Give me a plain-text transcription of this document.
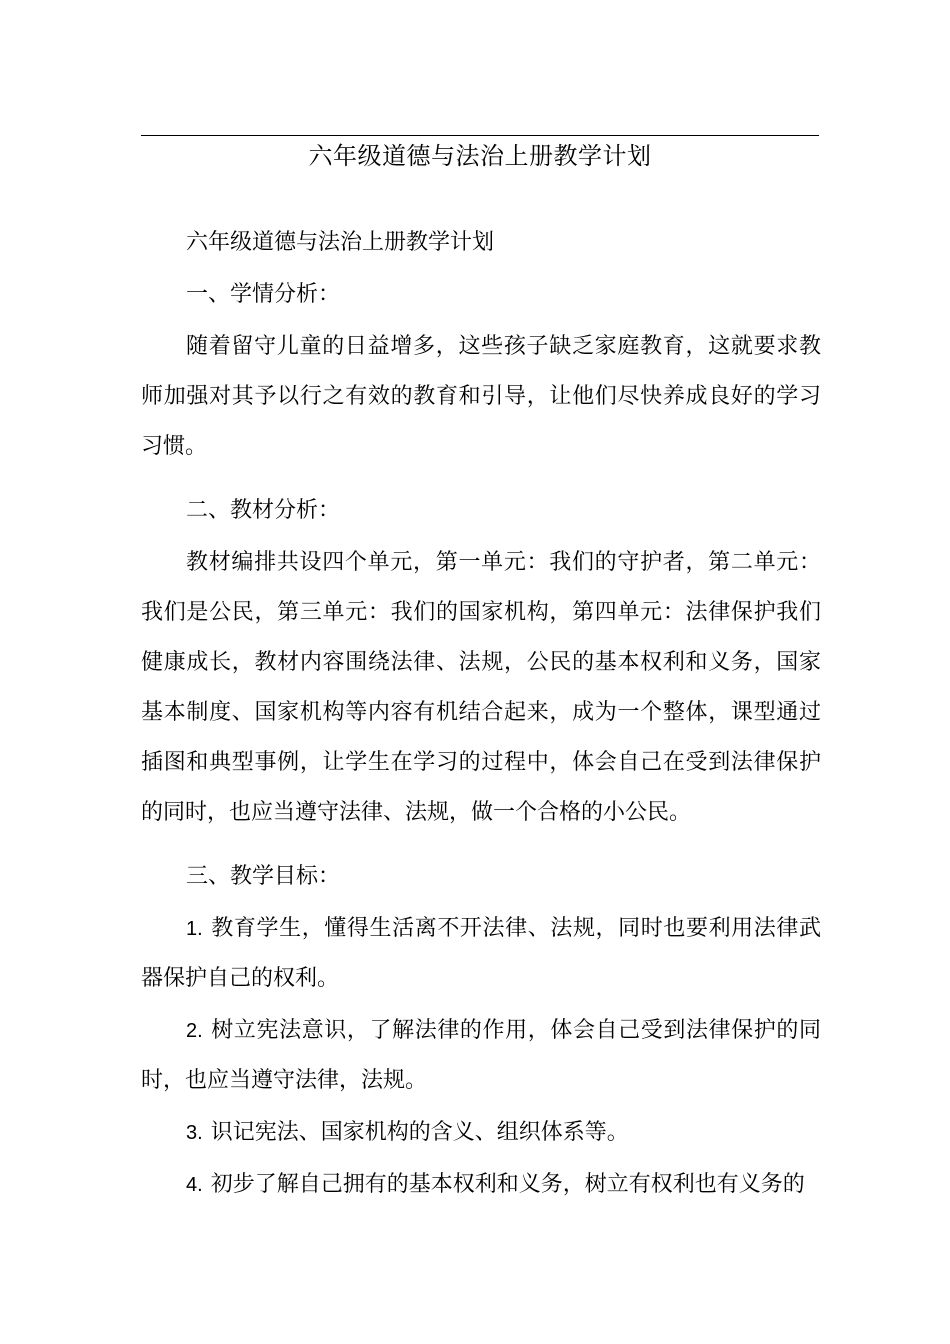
六年级道德与法治上册教学计划

六年级道德与法治上册教学计划

一、学情分析：

随着留守儿童的日益增多，这些孩子缺乏家庭教育，这就要求教师加强对其予以行之有效的教育和引导，让他们尽快养成良好的学习习惯。

二、教材分析：

教材编排共设四个单元，第一单元：我们的守护者，第二单元：我们是公民，第三单元：我们的国家机构，第四单元：法律保护我们健康成长，教材内容围绕法律、法规，公民的基本权利和义务，国家基本制度、国家机构等内容有机结合起来，成为一个整体，课型通过插图和典型事例，让学生在学习的过程中，体会自己在受到法律保护的同时，也应当遵守法律、法规，做一个合格的小公民。

三、教学目标：

1. 教育学生，懂得生活离不开法律、法规，同时也要利用法律武器保护自己的权利。

2. 树立宪法意识，了解法律的作用，体会自己受到法律保护的同时，也应当遵守法律，法规。

3. 识记宪法、国家机构的含义、组织体系等。

4. 初步了解自己拥有的基本权利和义务，树立有权利也有义务的
